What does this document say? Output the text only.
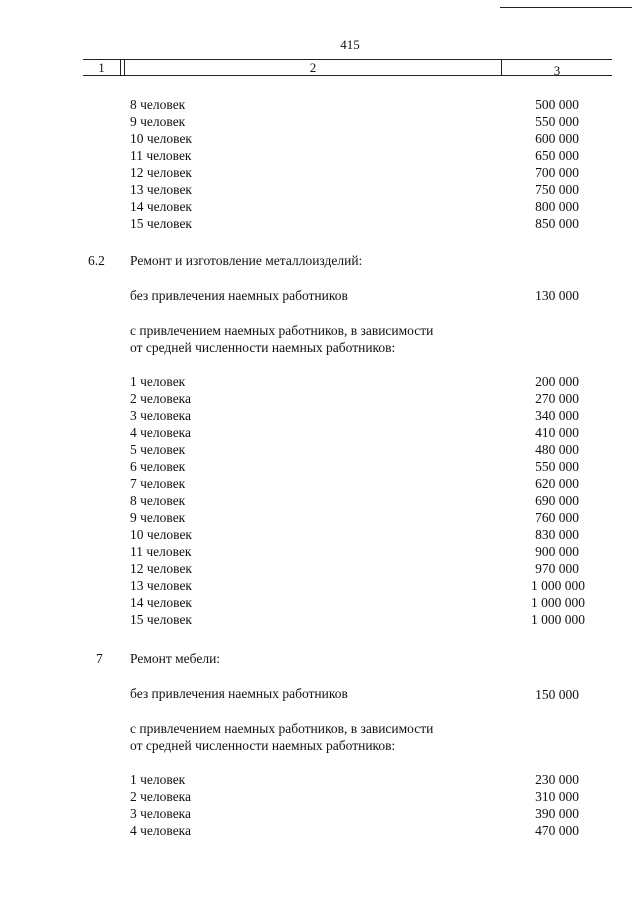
415
1	2	3
8 человек	500 000
9 человек	550 000
10 человек	600 000
11 человек	650 000
12 человек	700 000
13 человек	750 000
14 человек	800 000
15 человек	850 000
6.2 Ремонт и изготовление металлоизделий:
без привлечения наемных работников	130 000
с привлечением наемных работников, в зависимости
от средней численности наемных работников:
1 человек	200 000
2 человека	270 000
3 человека	340 000
4 человека	410 000
5 человек	480 000
6 человек	550 000
7 человек	620 000
8 человек	690 000
9 человек	760 000
10 человек	830 000
11 человек	900 000
12 человек	970 000
13 человек	1 000 000
14 человек	1 000 000
15 человек	1 000 000
7 Ремонт мебели:
без привлечения наемных работников	150 000
с привлечением наемных работников, в зависимости
от средней численности наемных работников:
1 человек	230 000
2 человека	310 000
3 человека	390 000
4 человека	470 000
